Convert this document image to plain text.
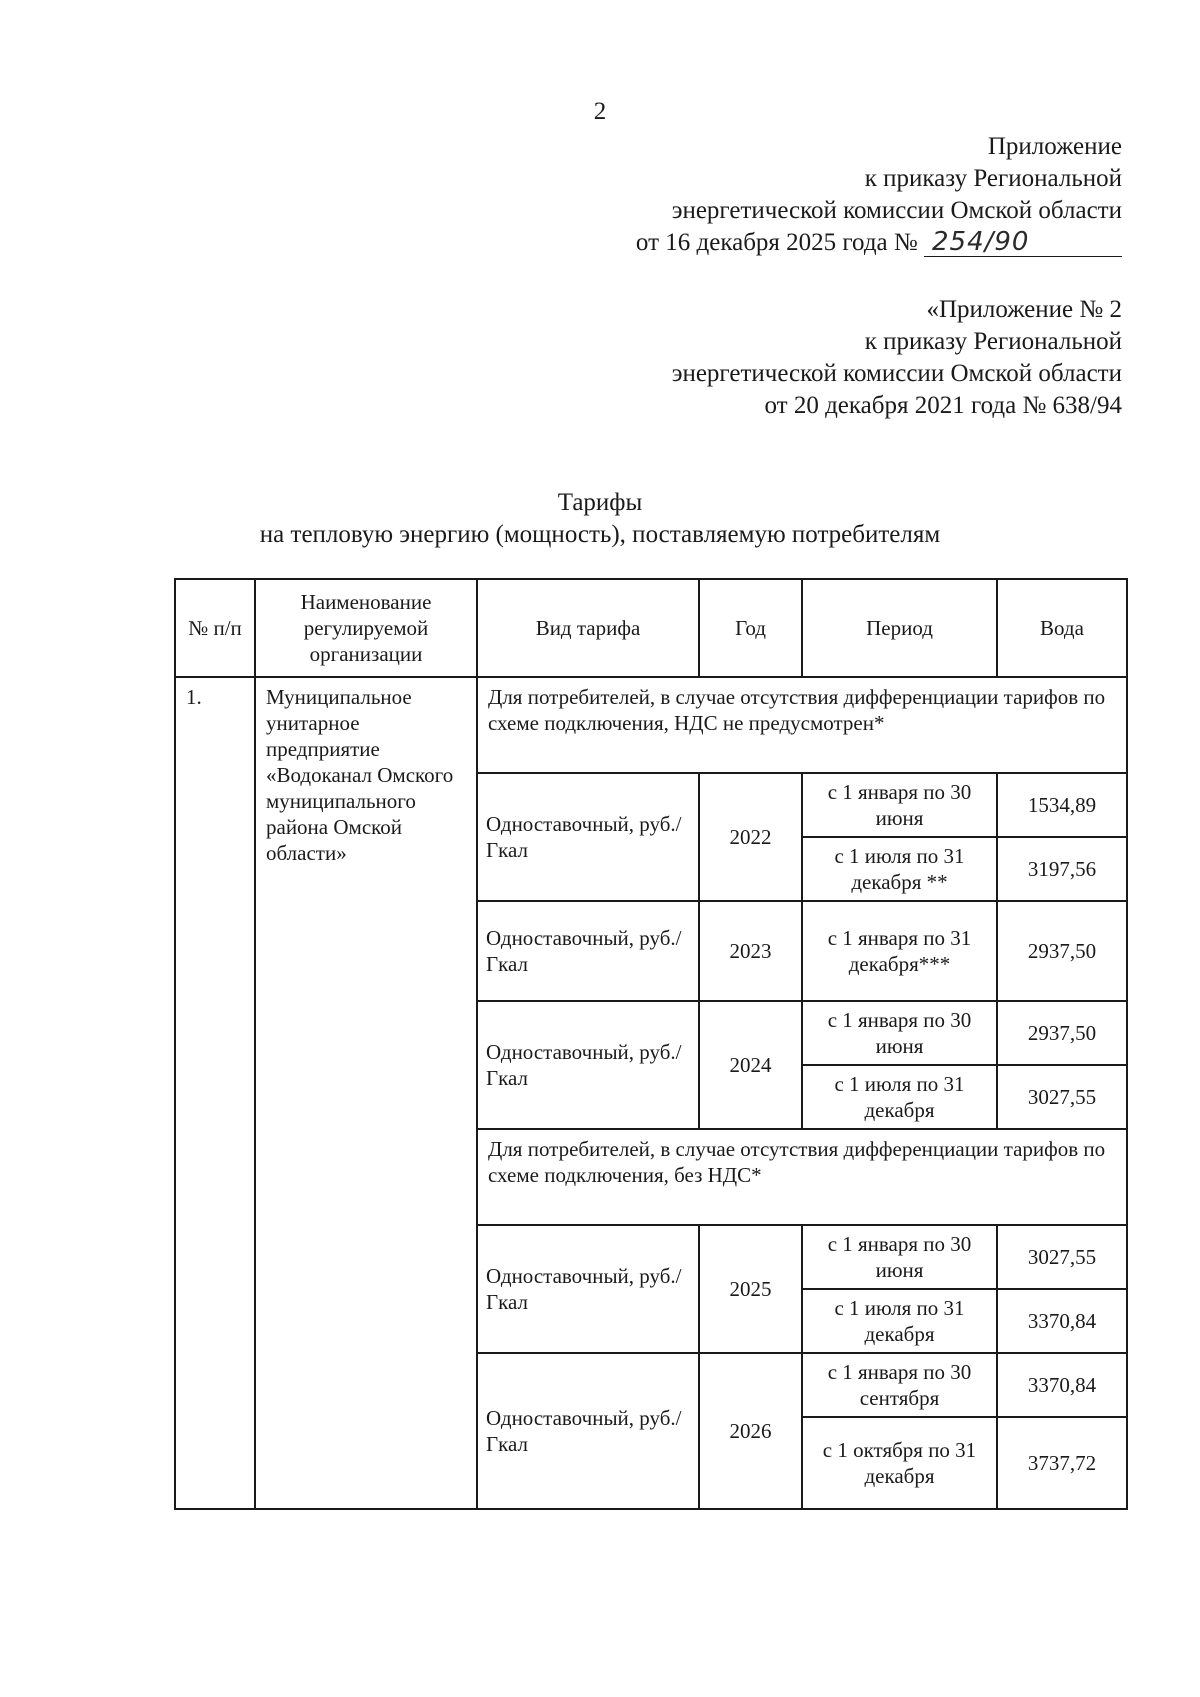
2
Приложение
к приказу Региональной
энергетической комиссии Омской области
от 16 декабря 2025 года № 254/90
«Приложение № 2
к приказу Региональной
энергетической комиссии Омской области
от 20 декабря 2021 года № 638/94
Тарифы
на тепловую энергию (мощность), поставляемую потребителям
№ п/п	Наименование регулируемой организации	Вид тарифа	Год	Период	Вода
1.	Муниципальное унитарное предприятие «Водоканал Омского муниципального района Омской области»	Для потребителей, в случае отсутствия дифференциации тарифов по схеме подключения, НДС не предусмотрен*			
		Одноставочный, руб./Гкал	2022	с 1 января по 30 июня	1534,89
				с 1 июля по 31 декабря **	3197,56
		Одноставочный, руб./Гкал	2023	с 1 января по 31 декабря***	2937,50
		Одноставочный, руб./Гкал	2024	с 1 января по 30 июня	2937,50
				с 1 июля по 31 декабря	3027,55
		Для потребителей, в случае отсутствия дифференциации тарифов по схеме подключения, без НДС*			
		Одноставочный, руб./Гкал	2025	с 1 января по 30 июня	3027,55
				с 1 июля по 31 декабря	3370,84
		Одноставочный, руб./Гкал	2026	с 1 января по 30 сентября	3370,84
				с 1 октября по 31 декабря	3737,72
